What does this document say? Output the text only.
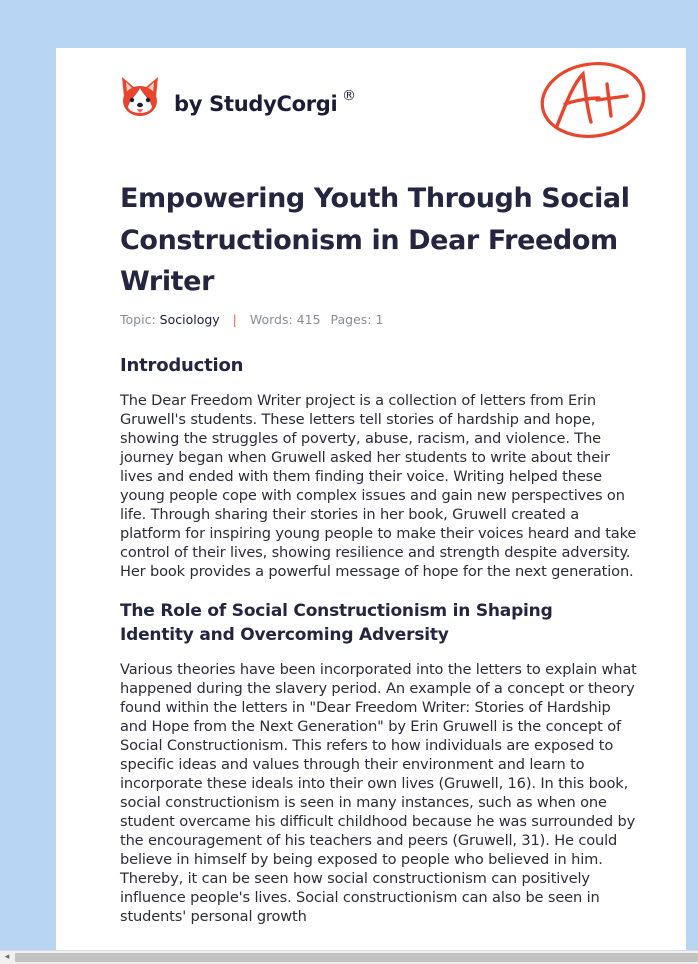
by StudyCorgi ®
Empowering Youth Through Social Constructionism in Dear Freedom Writer
Topic: Sociology | Words: 415 Pages: 1
Introduction

The Dear Freedom Writer project is a collection of letters from Erin Gruwell's students. These letters tell stories of hardship and hope, showing the struggles of poverty, abuse, racism, and violence. The journey began when Gruwell asked her students to write about their lives and ended with them finding their voice. Writing helped these young people cope with complex issues and gain new perspectives on life. Through sharing their stories in her book, Gruwell created a platform for inspiring young people to make their voices heard and take control of their lives, showing resilience and strength despite adversity. Her book provides a powerful message of hope for the next generation.

The Role of Social Constructionism in Shaping Identity and Overcoming Adversity

Various theories have been incorporated into the letters to explain what happened during the slavery period. An example of a concept or theory found within the letters in "Dear Freedom Writer: Stories of Hardship and Hope from the Next Generation" by Erin Gruwell is the concept of Social Constructionism. This refers to how individuals are exposed to specific ideas and values through their environment and learn to incorporate these ideals into their own lives (Gruwell, 16). In this book, social constructionism is seen in many instances, such as when one student overcame his difficult childhood because he was surrounded by the encouragement of his teachers and peers (Gruwell, 31). He could believe in himself by being exposed to people who believed in him. Thereby, it can be seen how social constructionism can positively influence people's lives. Social constructionism can also be seen in students' personal growth

◂
